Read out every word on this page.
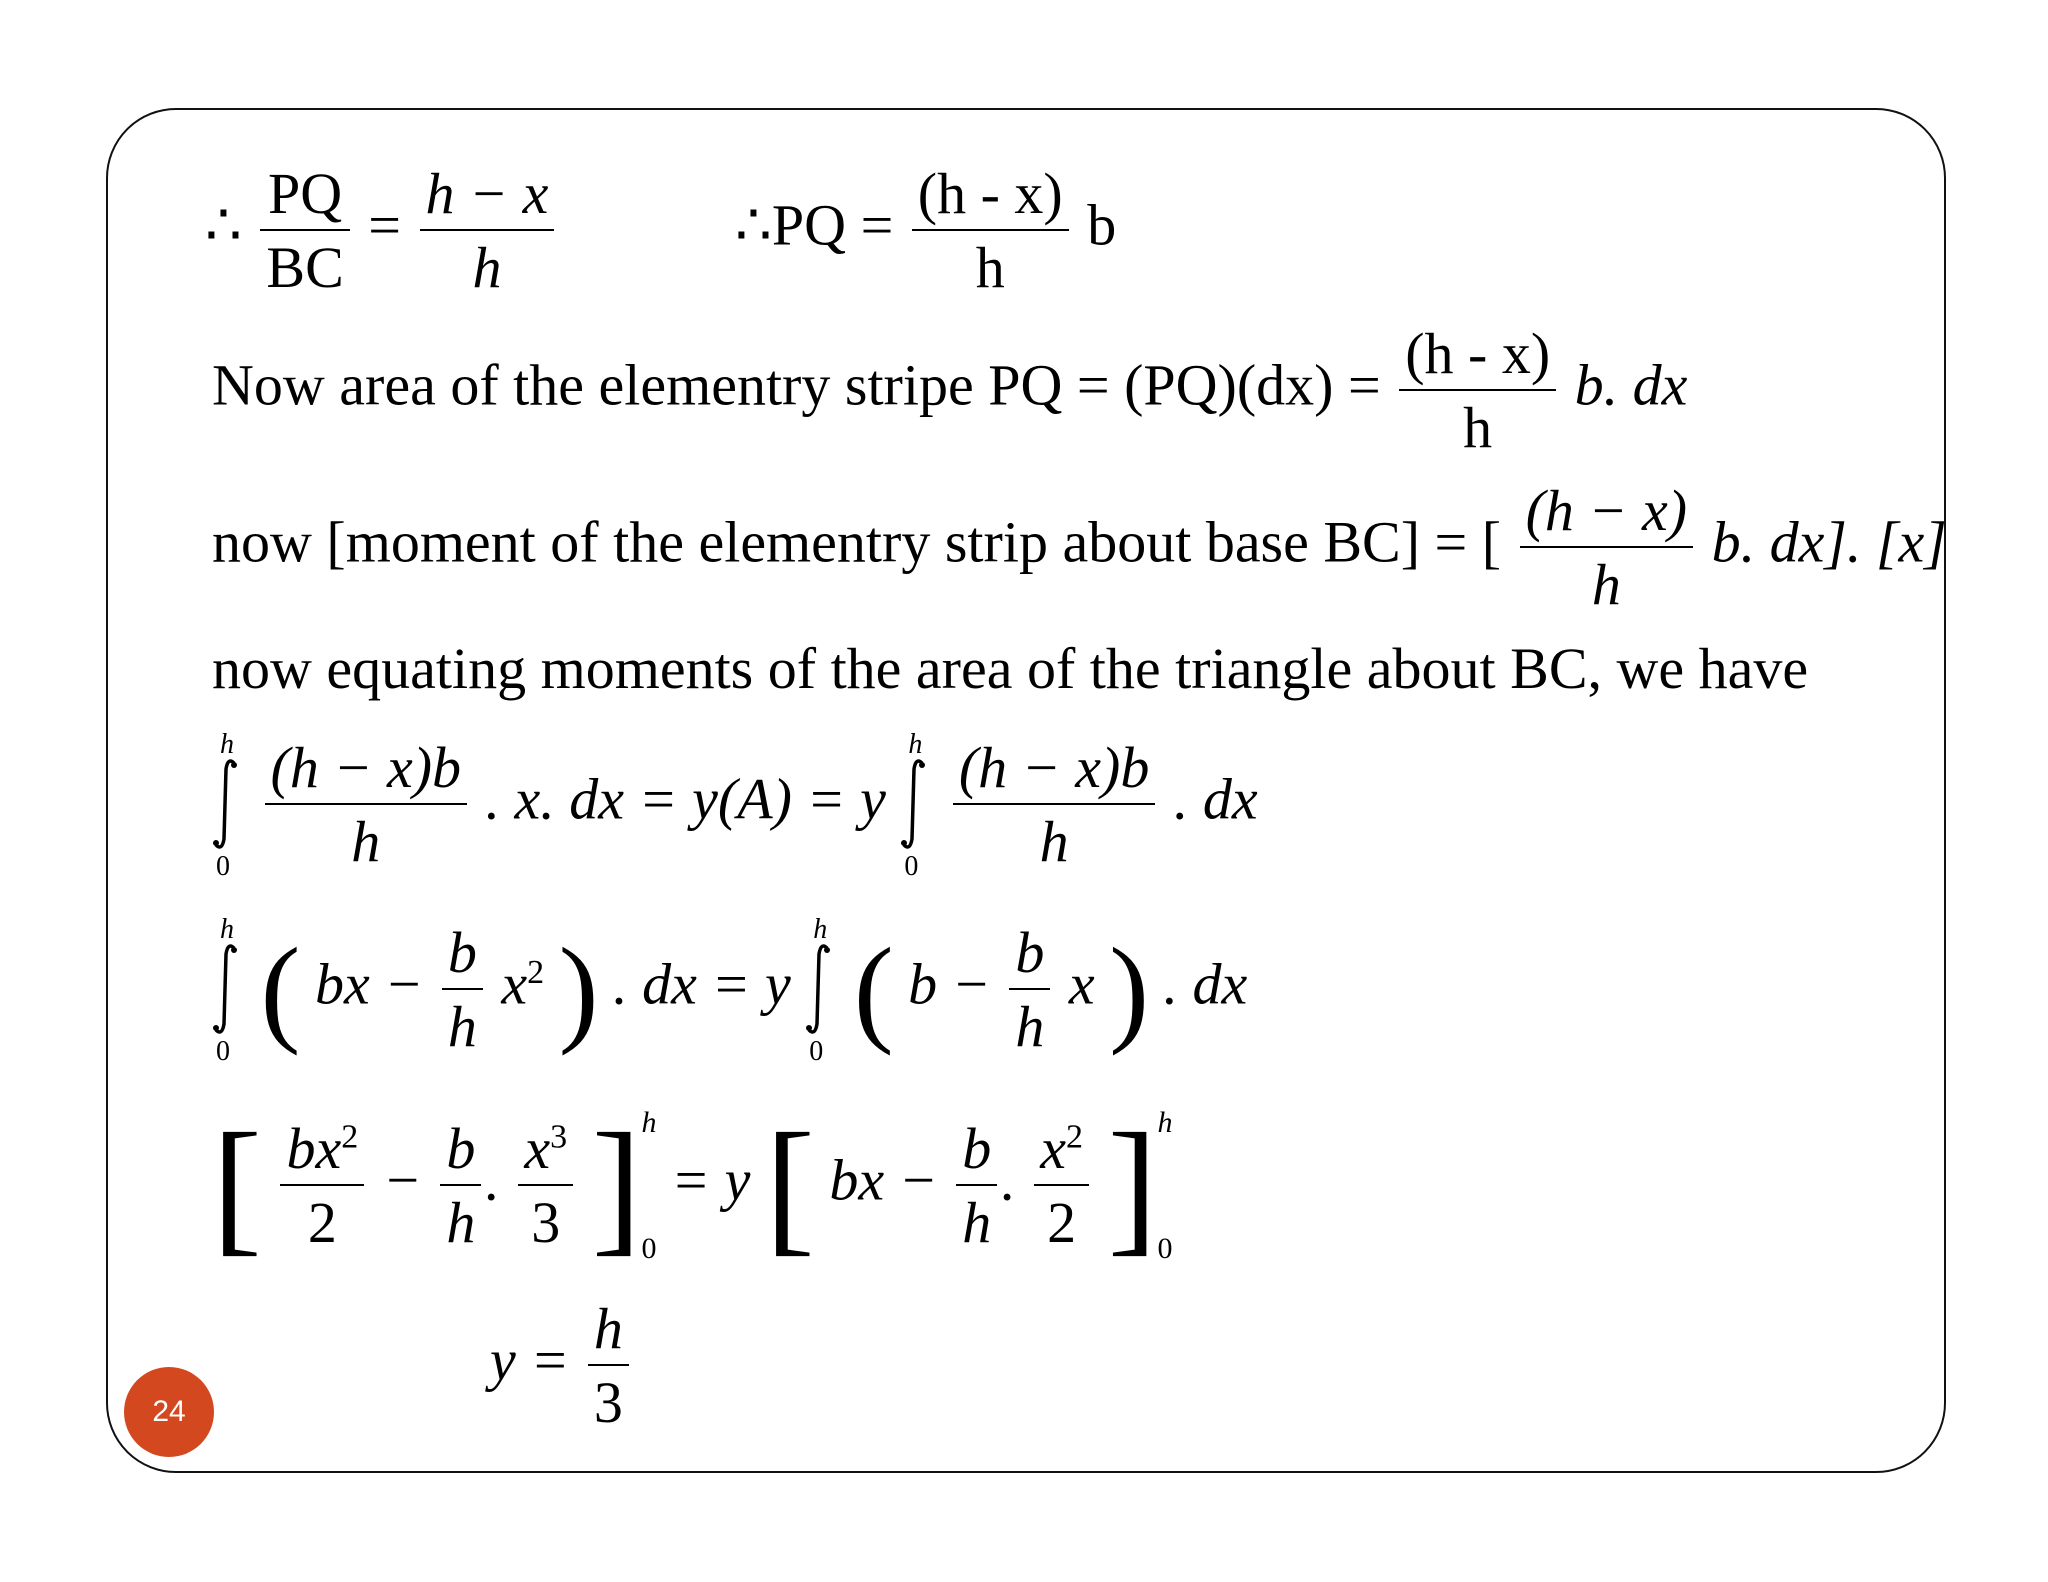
∴ $\frac{PQ}{BC} = \frac{h - x}{h}$	∴PQ = $\frac{(h - x)}{h}$ b
Now area of the elementry stripe PQ = $(PQ)(dx) = \frac{(h - x)}{h} b$. dx
now [moment of the elementry strip about base BC] = [ $\frac{(h - x)}{h} b$. dx]. [x]
now equating moments of the area of the triangle about BC, we have
h
0
$\frac{(h - x)b}{h}$ . x. dx = y(A) = y
h
0
$\frac{(h - x)b}{h}$ . dx
h
0 ( bx − $\frac{b}{h} x^2$ ) . dx = y
h
0 ( $b - \frac{b}{h}$ x ) . dx
[ $\frac{bx^2}{2} - \frac{b}{h}$ . $\frac{x^3}{3}$ ] h
0
= y [ bx − $\frac{b}{h}$ . $\frac{x^2}{2}$ ] h
0
$y = \frac{h}{3}$
24
